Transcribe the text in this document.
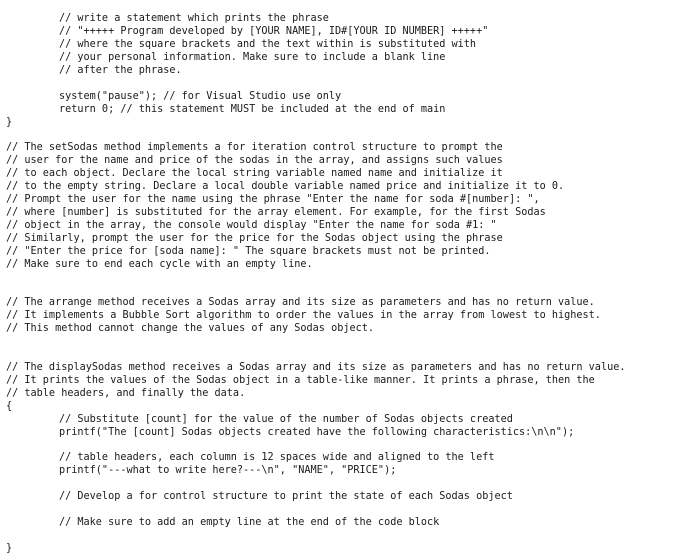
// write a statement which prints the phrase
// "+++++ Program developed by [YOUR NAME], ID#[YOUR ID NUMBER] +++++"
// where the square brackets and the text within is substituted with
// your personal information. Make sure to include a blank line
// after the phrase.
system("pause"); // for Visual Studio use only
return 0; // this statement MUST be included at the end of main
}
// The setSodas method implements a for iteration control structure to prompt the
// user for the name and price of the sodas in the array, and assigns such values
// to each object. Declare the local string variable named name and initialize it
// to the empty string. Declare a local double variable named price and initialize it to 0.
// Prompt the user for the name using the phrase "Enter the name for soda #[number]: ",
// where [number] is substituted for the array element. For example, for the first Sodas
// object in the array, the console would display "Enter the name for soda #1: "
// Similarly, prompt the user for the price for the Sodas object using the phrase
// "Enter the price for [soda name]: " The square brackets must not be printed.
// Make sure to end each cycle with an empty line.
// The arrange method receives a Sodas array and its size as parameters and has no return value.
// It implements a Bubble Sort algorithm to order the values in the array from lowest to highest.
// This method cannot change the values of any Sodas object.
// The displaySodas method receives a Sodas array and its size as parameters and has no return value.
// It prints the values of the Sodas object in a table-like manner. It prints a phrase, then the
// table headers, and finally the data.
{
// Substitute [count] for the value of the number of Sodas objects created
printf("The [count] Sodas objects created have the following characteristics:\n\n");
// table headers, each column is 12 spaces wide and aligned to the left
printf("---what to write here?---\n", "NAME", "PRICE");
// Develop a for control structure to print the state of each Sodas object
// Make sure to add an empty line at the end of the code block
}
